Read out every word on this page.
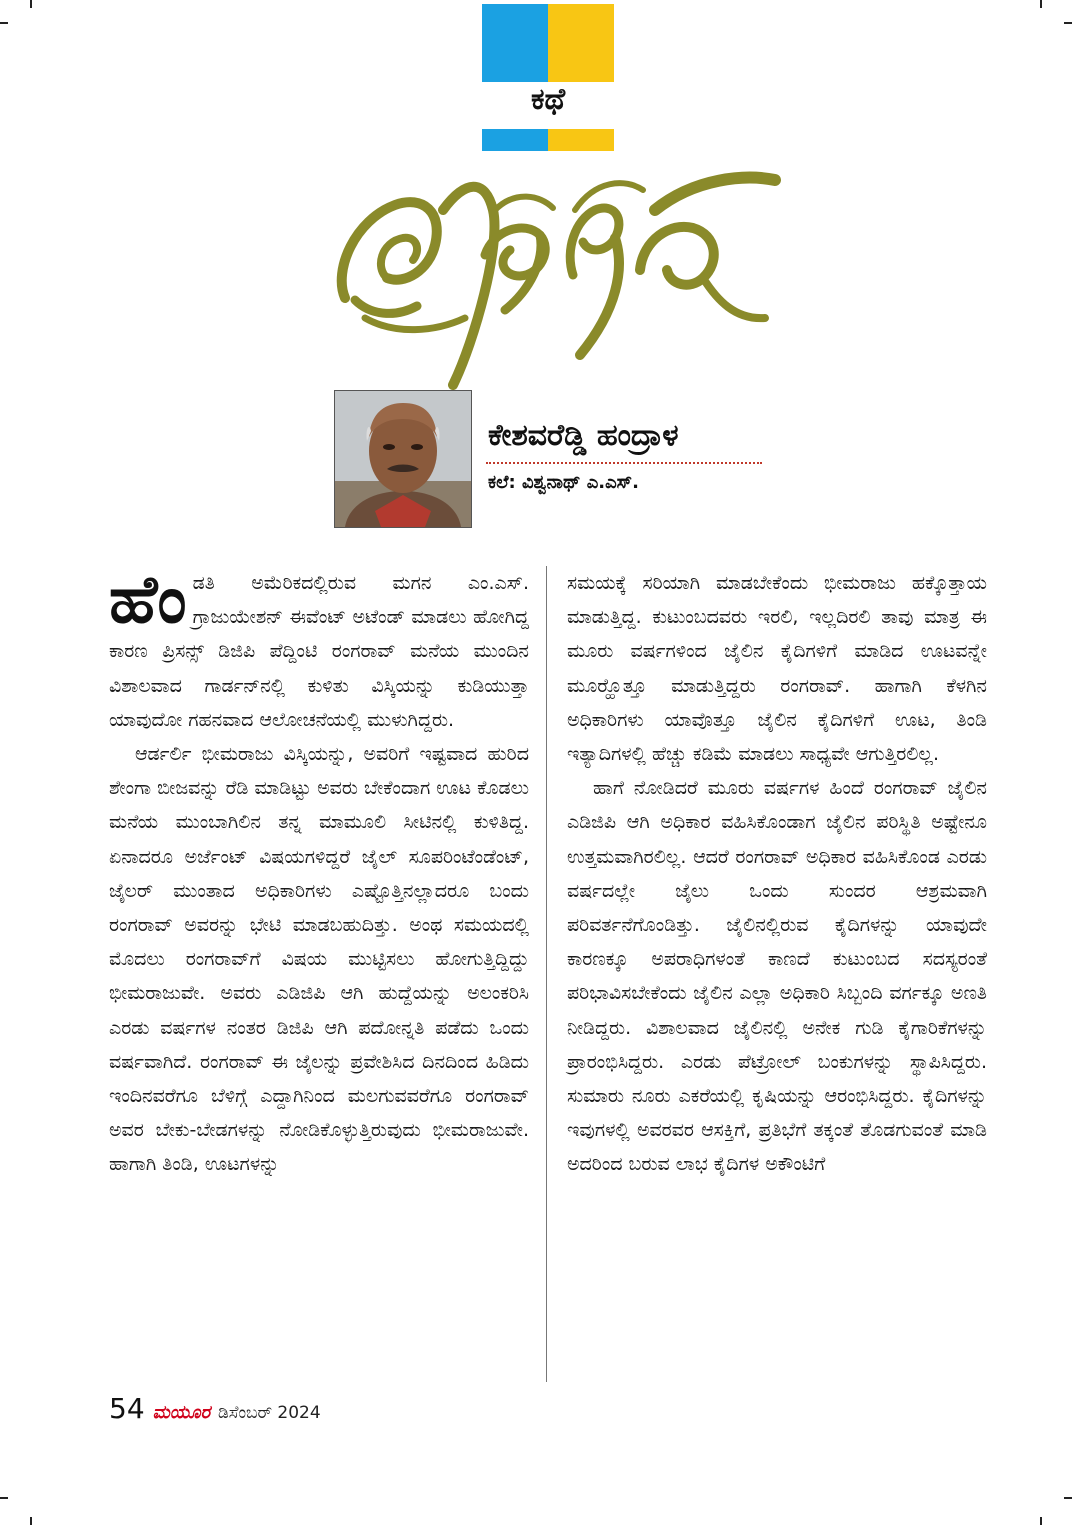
ಕಥೆ
ಕೇಶವರೆಡ್ಡಿ ಹಂದ್ರಾಳ
ಕಲೆ: ವಿಶ್ವನಾಥ್ ಎ.ಎಸ್.

ಹೆಂಡತಿ ಅಮೆರಿಕದಲ್ಲಿರುವ ಮಗನ ಎಂ.ಎಸ್. ಗ್ರಾಜುಯೇಶನ್ ಈವೆಂಟ್ ಅಟೆಂಡ್ ಮಾಡಲು ಹೋಗಿದ್ದ ಕಾರಣ ಪ್ರಿಸನ್ಸ್ ಡಿಜಿಪಿ ಪೆದ್ದಿಂಟಿ ರಂಗರಾವ್ ಮನೆಯ ಮುಂದಿನ ವಿಶಾಲವಾದ ಗಾರ್ಡನ್‌ನಲ್ಲಿ ಕುಳಿತು ವಿಸ್ಕಿಯನ್ನು ಕುಡಿಯುತ್ತಾ ಯಾವುದೋ ಗಹನವಾದ ಆಲೋಚನೆಯಲ್ಲಿ ಮುಳುಗಿದ್ದರು.

ಆರ್ಡರ್ಲಿ ಭೀಮರಾಜು ವಿಸ್ಕಿಯನ್ನು, ಅವರಿಗೆ ಇಷ್ಟವಾದ ಹುರಿದ ಶೇಂಗಾ ಬೀಜವನ್ನು ರೆಡಿ ಮಾಡಿಟ್ಟು ಅವರು ಬೇಕೆಂದಾಗ ಊಟ ಕೊಡಲು ಮನೆಯ ಮುಂಬಾಗಿಲಿನ ತನ್ನ ಮಾಮೂಲಿ ಸೀಟಿನಲ್ಲಿ ಕುಳಿತಿದ್ದ. ಏನಾದರೂ ಅರ್ಜೆಂಟ್ ವಿಷಯಗಳಿದ್ದರೆ ಜೈಲ್ ಸೂಪರಿಂಟೆಂಡೆಂಟ್, ಜೈಲರ್ ಮುಂತಾದ ಅಧಿಕಾರಿಗಳು ಎಷ್ಟೊತ್ತಿನಲ್ಲಾದರೂ ಬಂದು ರಂಗರಾವ್ ಅವರನ್ನು ಭೇಟಿ ಮಾಡಬಹುದಿತ್ತು. ಅಂಥ ಸಮಯದಲ್ಲಿ ಮೊದಲು ರಂಗರಾವ್‌ಗೆ ವಿಷಯ ಮುಟ್ಟಿಸಲು ಹೋಗುತ್ತಿದ್ದಿದ್ದು ಭೀಮರಾಜುವೇ. ಅವರು ಎಡಿಜಿಪಿ ಆಗಿ ಹುದ್ದೆಯನ್ನು ಅಲಂಕರಿಸಿ ಎರಡು ವರ್ಷಗಳ ನಂತರ ಡಿಜಿಪಿ ಆಗಿ ಪದೋನ್ನತಿ ಪಡೆದು ಒಂದು ವರ್ಷವಾಗಿದೆ. ರಂಗರಾವ್ ಈ ಜೈಲನ್ನು ಪ್ರವೇಶಿಸಿದ ದಿನದಿಂದ ಹಿಡಿದು ಇಂದಿನವರೆಗೂ ಬೆಳಿಗ್ಗೆ ಎದ್ದಾಗಿನಿಂದ ಮಲಗುವವರೆಗೂ ರಂಗರಾವ್ ಅವರ ಬೇಕು-ಬೇಡಗಳನ್ನು ನೋಡಿಕೊಳ್ಳುತ್ತಿರುವುದು ಭೀಮರಾಜುವೇ. ಹಾಗಾಗಿ ತಿಂಡಿ, ಊಟಗಳನ್ನು

ಸಮಯಕ್ಕೆ ಸರಿಯಾಗಿ ಮಾಡಬೇಕೆಂದು ಭೀಮರಾಜು ಹಕ್ಕೊತ್ತಾಯ ಮಾಡುತ್ತಿದ್ದ. ಕುಟುಂಬದವರು ಇರಲಿ, ಇಲ್ಲದಿರಲಿ ತಾವು ಮಾತ್ರ ಈ ಮೂರು ವರ್ಷಗಳಿಂದ ಜೈಲಿನ ಕೈದಿಗಳಿಗೆ ಮಾಡಿದ ಊಟವನ್ನೇ ಮೂರ್‍ಹೊತ್ತೂ ಮಾಡುತ್ತಿದ್ದರು ರಂಗರಾವ್. ಹಾಗಾಗಿ ಕೆಳಗಿನ ಅಧಿಕಾರಿಗಳು ಯಾವೊತ್ತೂ ಜೈಲಿನ ಕೈದಿಗಳಿಗೆ ಊಟ, ತಿಂಡಿ ಇತ್ಯಾದಿಗಳಲ್ಲಿ ಹೆಚ್ಚು ಕಡಿಮೆ ಮಾಡಲು ಸಾಧ್ಯವೇ ಆಗುತ್ತಿರಲಿಲ್ಲ.

ಹಾಗೆ ನೋಡಿದರೆ ಮೂರು ವರ್ಷಗಳ ಹಿಂದೆ ರಂಗರಾವ್ ಜೈಲಿನ ಎಡಿಜಿಪಿ ಆಗಿ ಅಧಿಕಾರ ವಹಿಸಿಕೊಂಡಾಗ ಜೈಲಿನ ಪರಿಸ್ಥಿತಿ ಅಷ್ಟೇನೂ ಉತ್ತಮವಾಗಿರಲಿಲ್ಲ. ಆದರೆ ರಂಗರಾವ್ ಅಧಿಕಾರ ವಹಿಸಿಕೊಂಡ ಎರಡು ವರ್ಷದಲ್ಲೇ ಜೈಲು ಒಂದು ಸುಂದರ ಆಶ್ರಮವಾಗಿ ಪರಿವರ್ತನೆಗೊಂಡಿತ್ತು. ಜೈಲಿನಲ್ಲಿರುವ ಕೈದಿಗಳನ್ನು ಯಾವುದೇ ಕಾರಣಕ್ಕೂ ಅಪರಾಧಿಗಳಂತೆ ಕಾಣದೆ ಕುಟುಂಬದ ಸದಸ್ಯರಂತೆ ಪರಿಭಾವಿಸಬೇಕೆಂದು ಜೈಲಿನ ಎಲ್ಲಾ ಅಧಿಕಾರಿ ಸಿಬ್ಬಂದಿ ವರ್ಗಕ್ಕೂ ಅಣತಿ ನೀಡಿದ್ದರು. ವಿಶಾಲವಾದ ಜೈಲಿನಲ್ಲಿ ಅನೇಕ ಗುಡಿ ಕೈಗಾರಿಕೆಗಳನ್ನು ಪ್ರಾರಂಭಿಸಿದ್ದರು. ಎರಡು ಪೆಟ್ರೋಲ್ ಬಂಕುಗಳನ್ನು ಸ್ಥಾಪಿಸಿದ್ದರು. ಸುಮಾರು ನೂರು ಎಕರೆಯಲ್ಲಿ ಕೃಷಿಯನ್ನು ಆರಂಭಿಸಿದ್ದರು. ಕೈದಿಗಳನ್ನು ಇವುಗಳಲ್ಲಿ ಅವರವರ ಆಸಕ್ತಿಗೆ, ಪ್ರತಿಭೆಗೆ ತಕ್ಕಂತೆ ತೊಡಗುವಂತೆ ಮಾಡಿ ಅದರಿಂದ ಬರುವ ಲಾಭ ಕೈದಿಗಳ ಅಕೌಂಟಿಗೆ

54 ಮಯೂರ ಡಿಸೆಂಬರ್ 2024
